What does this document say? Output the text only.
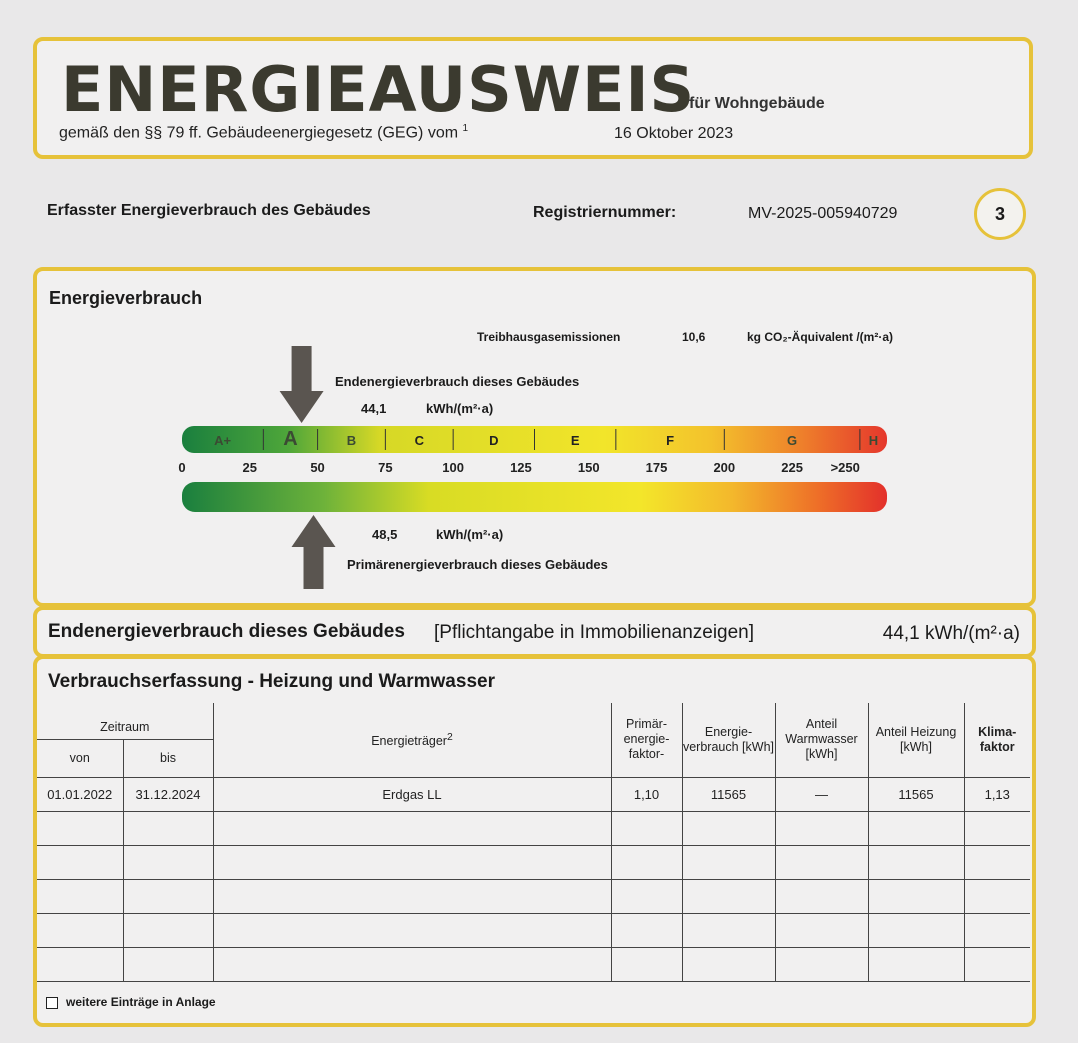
ENERGIEAUSWEIS
für Wohngebäude
gemäß den §§ 79 ff. Gebäudeenergiegesetz (GEG) vom $^1$	16 Oktober 2023
Erfasster Energieverbrauch des Gebäudes	Registriernummer:	MV-2025-005940729	3
Energieverbrauch
Treibhausgasemissionen	10,6	kg CO₂-Äquivalent /(m²·a)
Endenergieverbrauch dieses Gebäudes
44,1	kWh/(m²·a)
A+	A	B	C	D	E	F	G	H
0	25	50	75	100	125	150	175	200	225 >250
48,5	kWh/(m²·a)
Primärenergieverbrauch dieses Gebäudes
Endenergieverbrauch dieses Gebäudes [Pflichtangabe in Immobilienanzeigen]	44,1 kWh/(m²·a)
Verbrauchserfassung - Heizung und Warmwasser
Zeitraum		Energieträger$^2$	Primär-energie-faktor-	Energie-verbrauch [kWh]	Anteil Warmwasser [kWh]	Anteil Heizung [kWh]	Klima-faktor
von	bis						
01.01.2022	31.12.2024	Erdgas LL	1,10	11565	—	11565	1,13

weitere Einträge in Anlage
